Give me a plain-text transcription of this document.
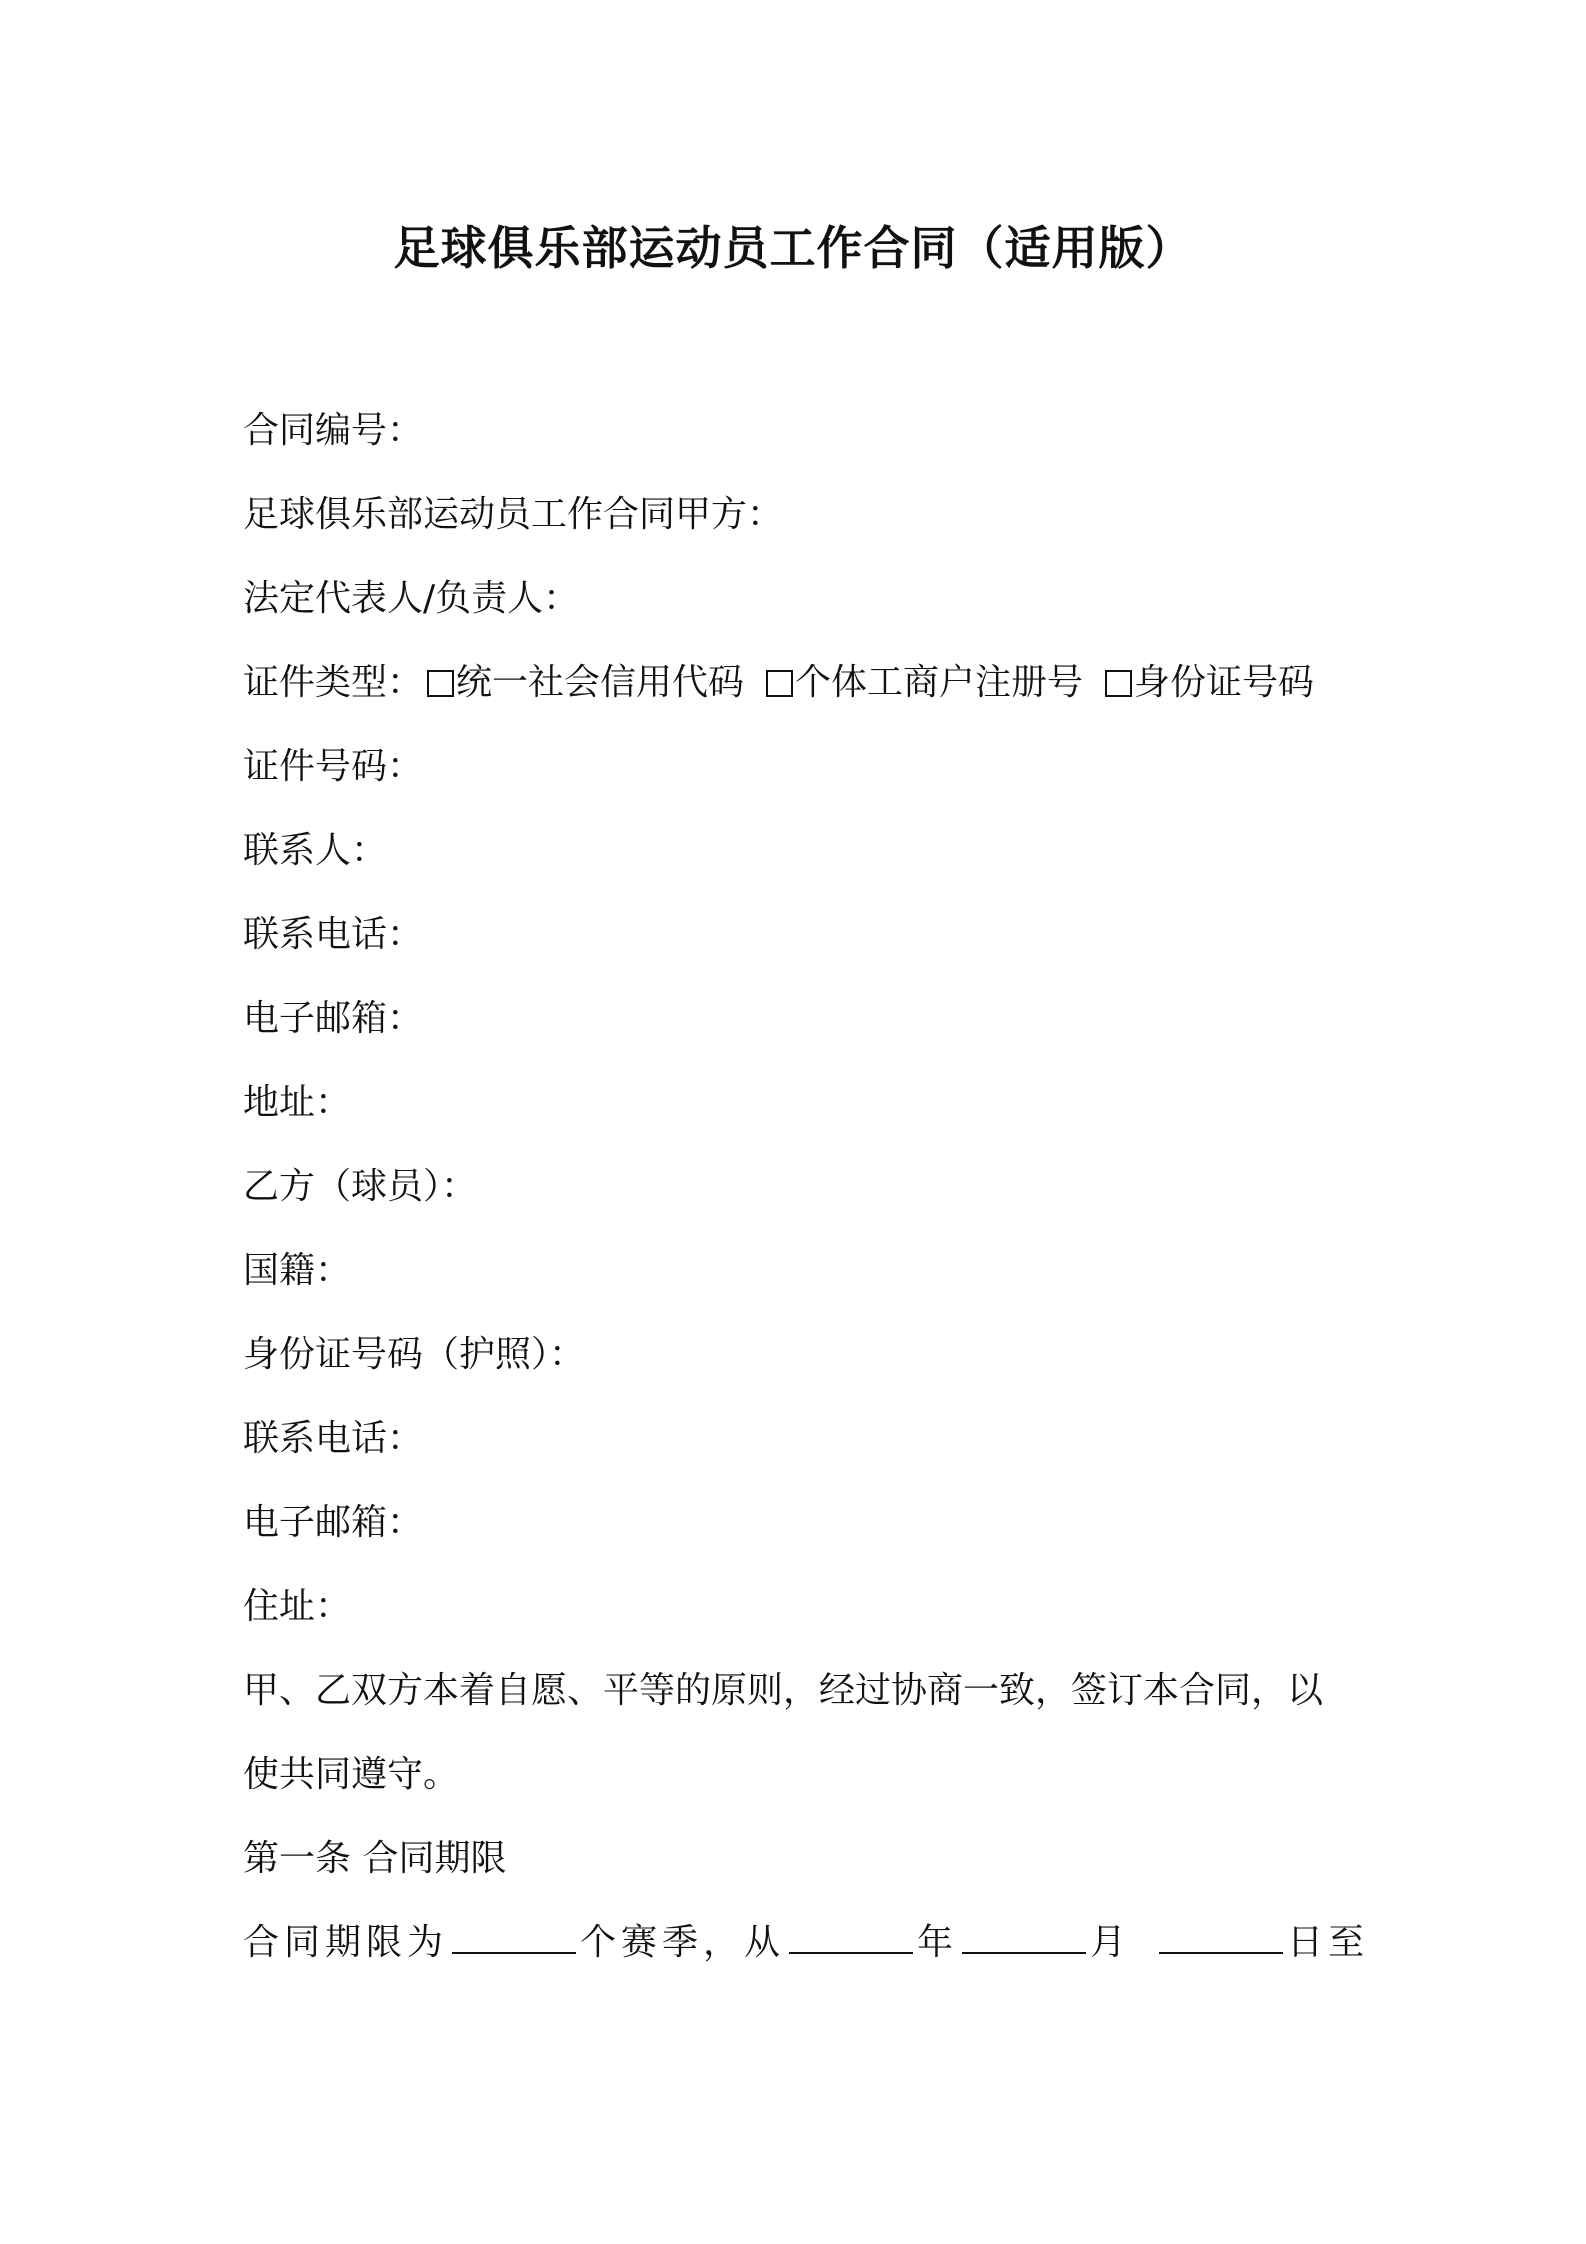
足球俱乐部运动员工作合同（适用版）
合同编号：
足球俱乐部运动员工作合同甲方：
法定代表人/负责人：
证件类型： 统一社会信用代码 个体工商户注册号 身份证号码
证件号码：
联系人：
联系电话：
电子邮箱：
地址：
乙方（球员）：
国籍：
身份证号码（护照）：
联系电话：
电子邮箱：
住址：
甲、乙双方本着自愿、平等的原则，经过协商一致，签订本合同，以
使共同遵守。
第一条 合同期限
合同期限为	个赛季，从	年	月	日至
